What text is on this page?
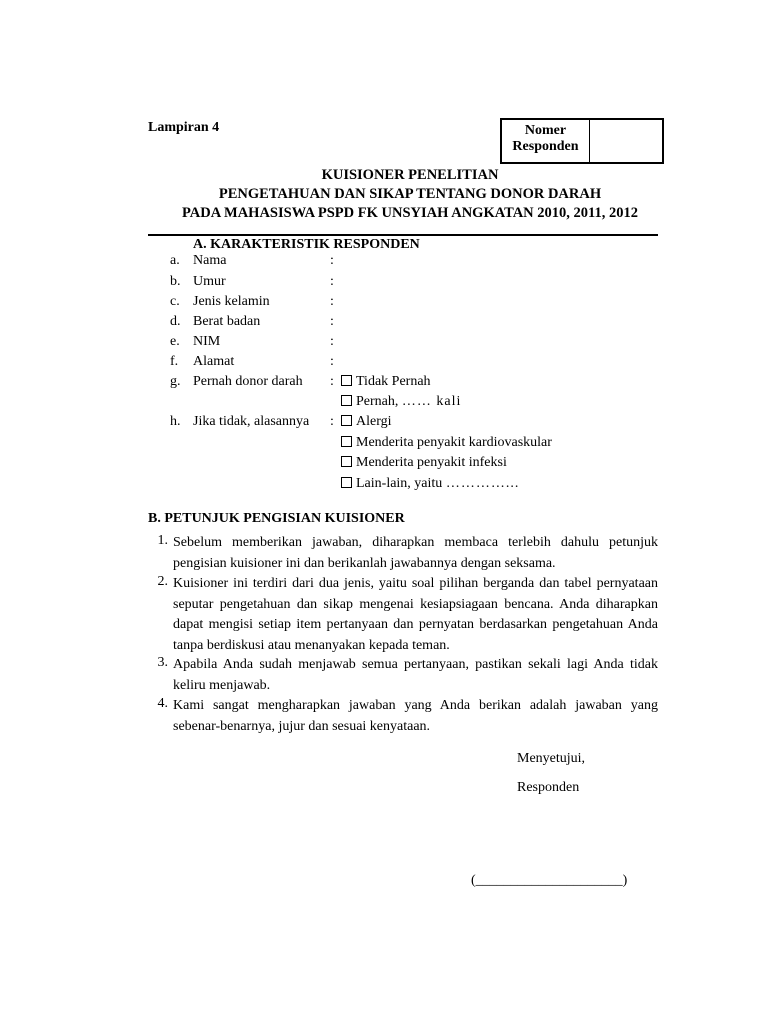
Lampiran 4	Nomer
Responden
KUISIONER PENELITIAN
PENGETAHUAN DAN SIKAP TENTANG DONOR DARAH
PADA MAHASISWA PSPD FK UNSYIAH ANGKATAN 2010, 2011, 2012
A. KARAKTERISTIK RESPONDEN
a. Nama	:
b. Umur	:
c. Jenis kelamin	:
d. Berat badan	:
e. NIM	:
f. Alamat	:
g. Pernah donor darah :	Tidak Pernah
Pernah, …… kali
h. Jika tidak, alasannya :	Alergi
Menderita penyakit kardiovaskular
Menderita penyakit infeksi
Lain-lain, yaitu …………...
B. PETUNJUK PENGISIAN KUISIONER
1. Sebelum memberikan jawaban, diharapkan membaca terlebih dahulu petunjuk pengisian kuisioner ini dan berikanlah jawabannya dengan seksama.
2. Kuisioner ini terdiri dari dua jenis, yaitu soal pilihan berganda dan tabel pernyataan seputar pengetahuan dan sikap mengenai kesiapsiagaan bencana. Anda diharapkan dapat mengisi setiap item pertanyaan dan pernyatan berdasarkan pengetahuan Anda tanpa berdiskusi atau menanyakan kepada teman.
3. Apabila Anda sudah menjawab semua pertanyaan, pastikan sekali lagi Anda tidak keliru menjawab.
4. Kami sangat mengharapkan jawaban yang Anda berikan adalah jawaban yang sebenar-benarnya, jujur dan sesuai kenyataan.
Menyetujui,
Responden
(_____________________)
